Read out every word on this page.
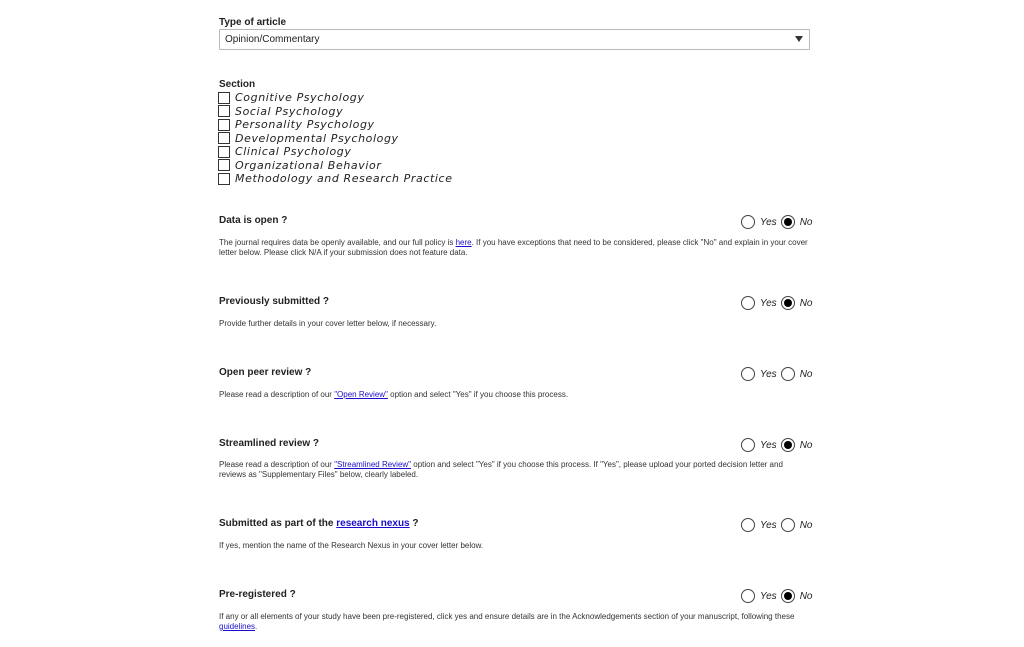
Type of article
Opinion/Commentary
Section
Cognitive Psychology
Social Psychology
Personality Psychology
Developmental Psychology
Clinical Psychology
Organizational Behavior
Methodology and Research Practice
Data is open ?	Yes No
The journal requires data be openly available, and our full policy is here. If you have exceptions that need to be considered, please click "No" and explain in your cover letter below. Please click N/A if your submission does not feature data.
Previously submitted ?	Yes No
Provide further details in your cover letter below, if necessary.
Open peer review ?	Yes No
Please read a description of our "Open Review" option and select "Yes" if you choose this process.
Streamlined review ?	Yes No
Please read a description of our "Streamlined Review" option and select "Yes" if you choose this process. If "Yes", please upload your ported decision letter and reviews as "Supplementary Files" below, clearly labeled.
Submitted as part of the research nexus ?	Yes No
If yes, mention the name of the Research Nexus in your cover letter below.
Pre-registered ?	Yes No
If any or all elements of your study have been pre-registered, click yes and ensure details are in the Acknowledgements section of your manuscript, following these guidelines.
